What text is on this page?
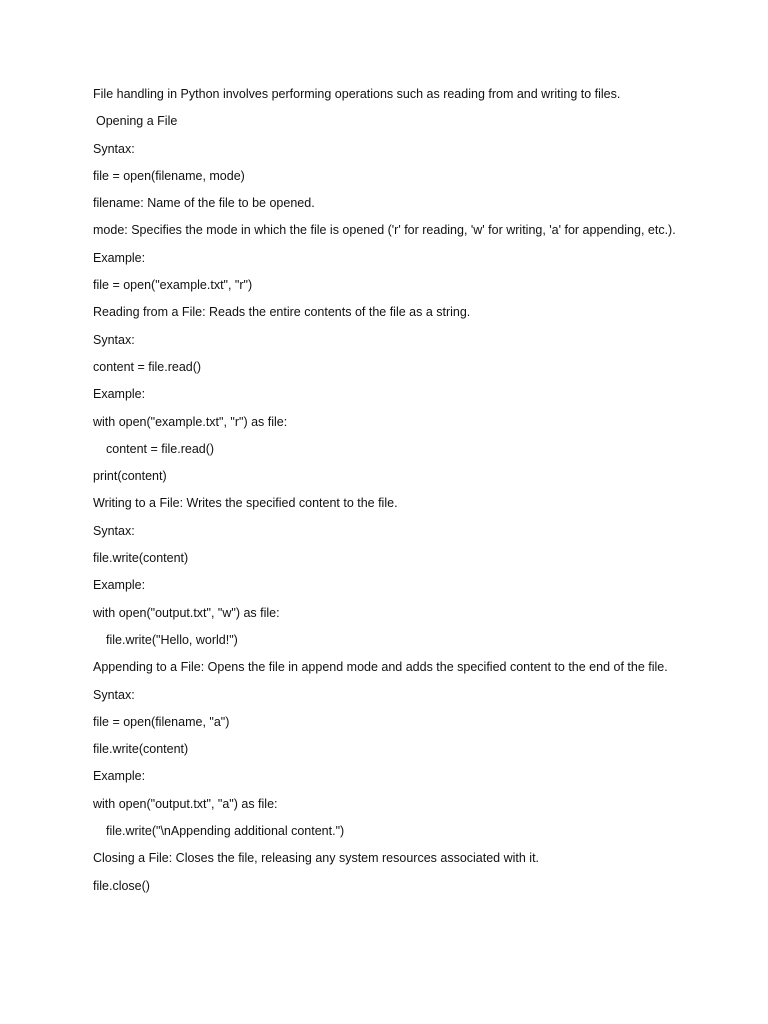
File handling in Python involves performing operations such as reading from and writing to files.

Opening a File

Syntax:

file = open(filename, mode)

filename: Name of the file to be opened.

mode: Specifies the mode in which the file is opened ('r' for reading, 'w' for writing, 'a' for appending, etc.).

Example:

file = open("example.txt", "r")

Reading from a File: Reads the entire contents of the file as a string.

Syntax:

content = file.read()

Example:

with open("example.txt", "r") as file:

content = file.read()

print(content)

Writing to a File: Writes the specified content to the file.

Syntax:

file.write(content)

Example:

with open("output.txt", "w") as file:

file.write("Hello, world!")

Appending to a File: Opens the file in append mode and adds the specified content to the end of the file.

Syntax:

file = open(filename, "a")

file.write(content)

Example:

with open("output.txt", "a") as file:

file.write("\nAppending additional content.")

Closing a File: Closes the file, releasing any system resources associated with it.

file.close()
